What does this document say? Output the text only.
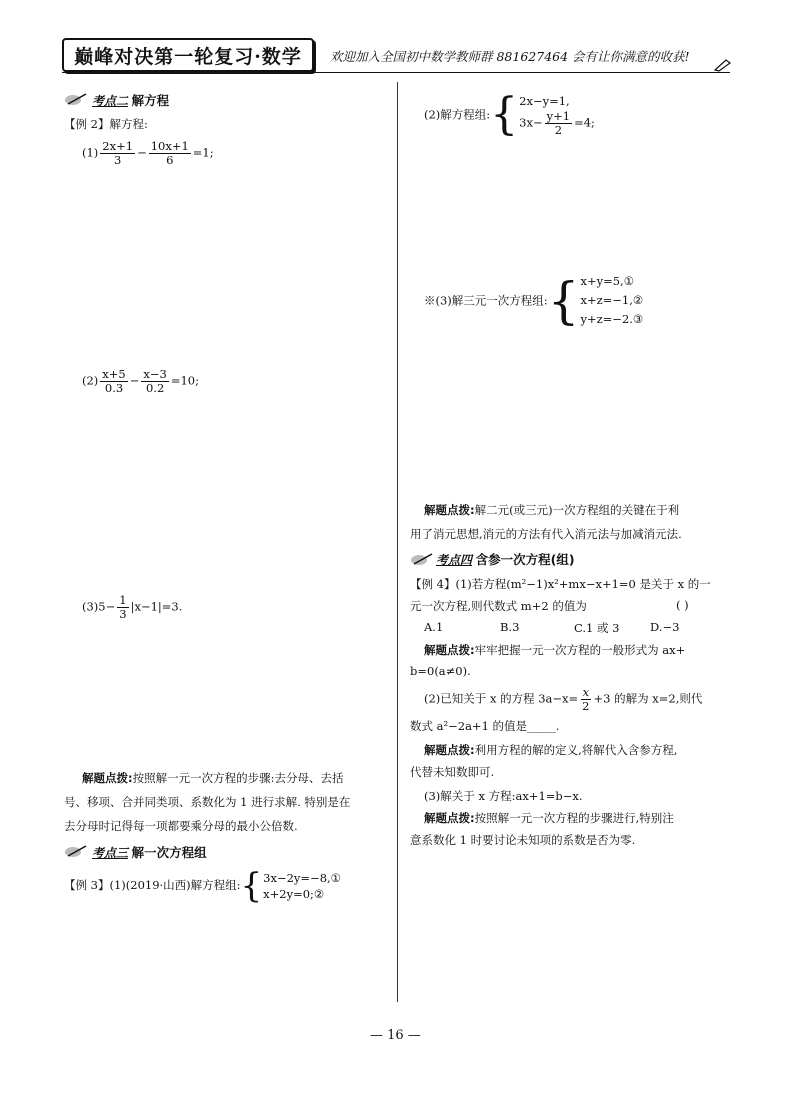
巅峰对决第一轮复习·数学 欢迎加入全国初中数学教师群 881627464 会有让你满意的收获!
考点二 解方程
【例 2】解方程:
$(1) \frac{2x+1}{3} - \frac{10x+1}{6} =1$;
$(2) \frac{x+5}{0.3} - \frac{x-3}{0.2} =10$;
$(3)5- \frac{1}{3} |x-1|=3$.
解题点拨:按照解一元一次方程的步骤:去分母、去括
号、移项、合并同类项、系数化为 1 进行求解. 特别是在
去分母时记得每一项都要乘分母的最小公倍数.
考点三 解一次方程组
【例 3】(1)(2019·山西)解方程组:{ 3x−2y=−8,①
x+2y=0;②
(2)解方程组:{ 2x−y=1,
$3x- \frac{y+1}{2} =4$;
※(3)解三元一次方程组:{ x+y=5,①
x+z=−1,②
y+z=−2.③
解题点拨:解二元(或三元)一次方程组的关键在于利
用了消元思想,消元的方法有代入消元法与加减消元法.
考点四 含参一次方程(组)
【例 4】(1)若方程(m²−1)x²+mx−x+1=0 是关于 x 的一
元一次方程,则代数式 m+2 的值为	( )
A.1	B.3	C.1 或 3	D.−3
解题点拨:牢牢把握一元一次方程的一般形式为 ax+
b=0(a≠0).
(2)已知关于 x 的方程 $3a-x= \frac{x}{2} +3$ 的解为 x=2,则代
数式 a²−2a+1 的值是_____.
解题点拨:利用方程的解的定义,将解代入含参方程,
代替未知数即可.
(3)解关于 x 方程:ax+1=b−x.
解题点拨:按照解一元一次方程的步骤进行,特别注
意系数化 1 时要讨论未知项的系数是否为零.
— 16 —
